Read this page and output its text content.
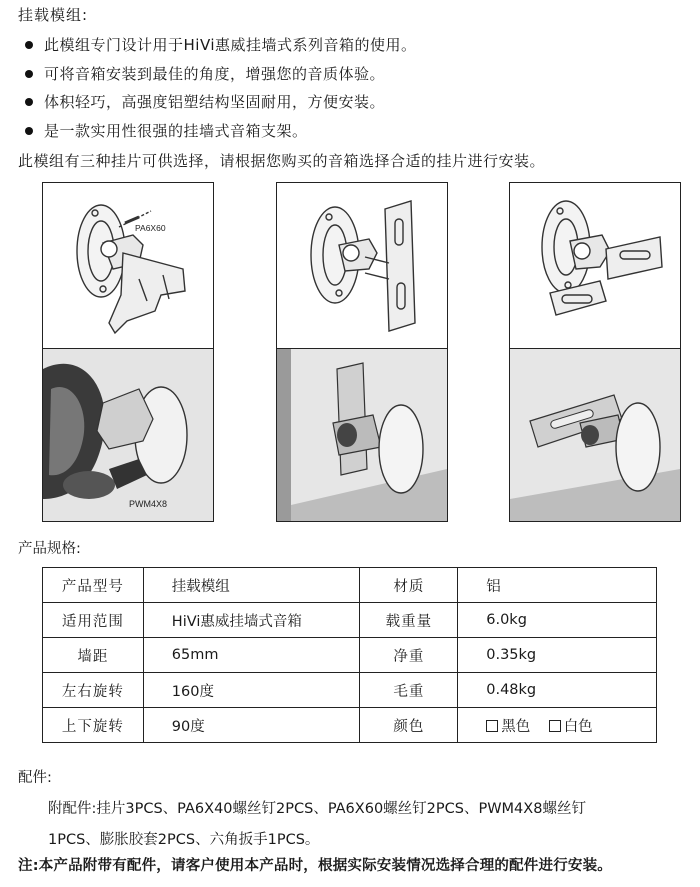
挂载模组:
此模组专门设计用于HiVi惠威挂墙式系列音箱的使用。
可将音箱安装到最佳的角度，增强您的音质体验。
体积轻巧，高强度铝塑结构坚固耐用，方便安装。
是一款实用性很强的挂墙式音箱支架。
此模组有三种挂片可供选择，请根据您购买的音箱选择合适的挂片进行安装。
PA6X60
PWM4X8
产品规格:
产品型号	挂载模组	材质	铝
适用范围	HiVi惠威挂墙式音箱	载重量	6.0kg
墙距	65mm	净重	0.35kg
左右旋转	160度	毛重	0.48kg
上下旋转	90度	颜色	黑色 白色
配件:
附配件:挂片3PCS、PA6X40螺丝钉2PCS、PA6X60螺丝钉2PCS、PWM4X8螺丝钉
1PCS、膨胀胶套2PCS、六角扳手1PCS。
注:本产品附带有配件，请客户使用本产品时，根据实际安装情况选择合理的配件进行安装。
